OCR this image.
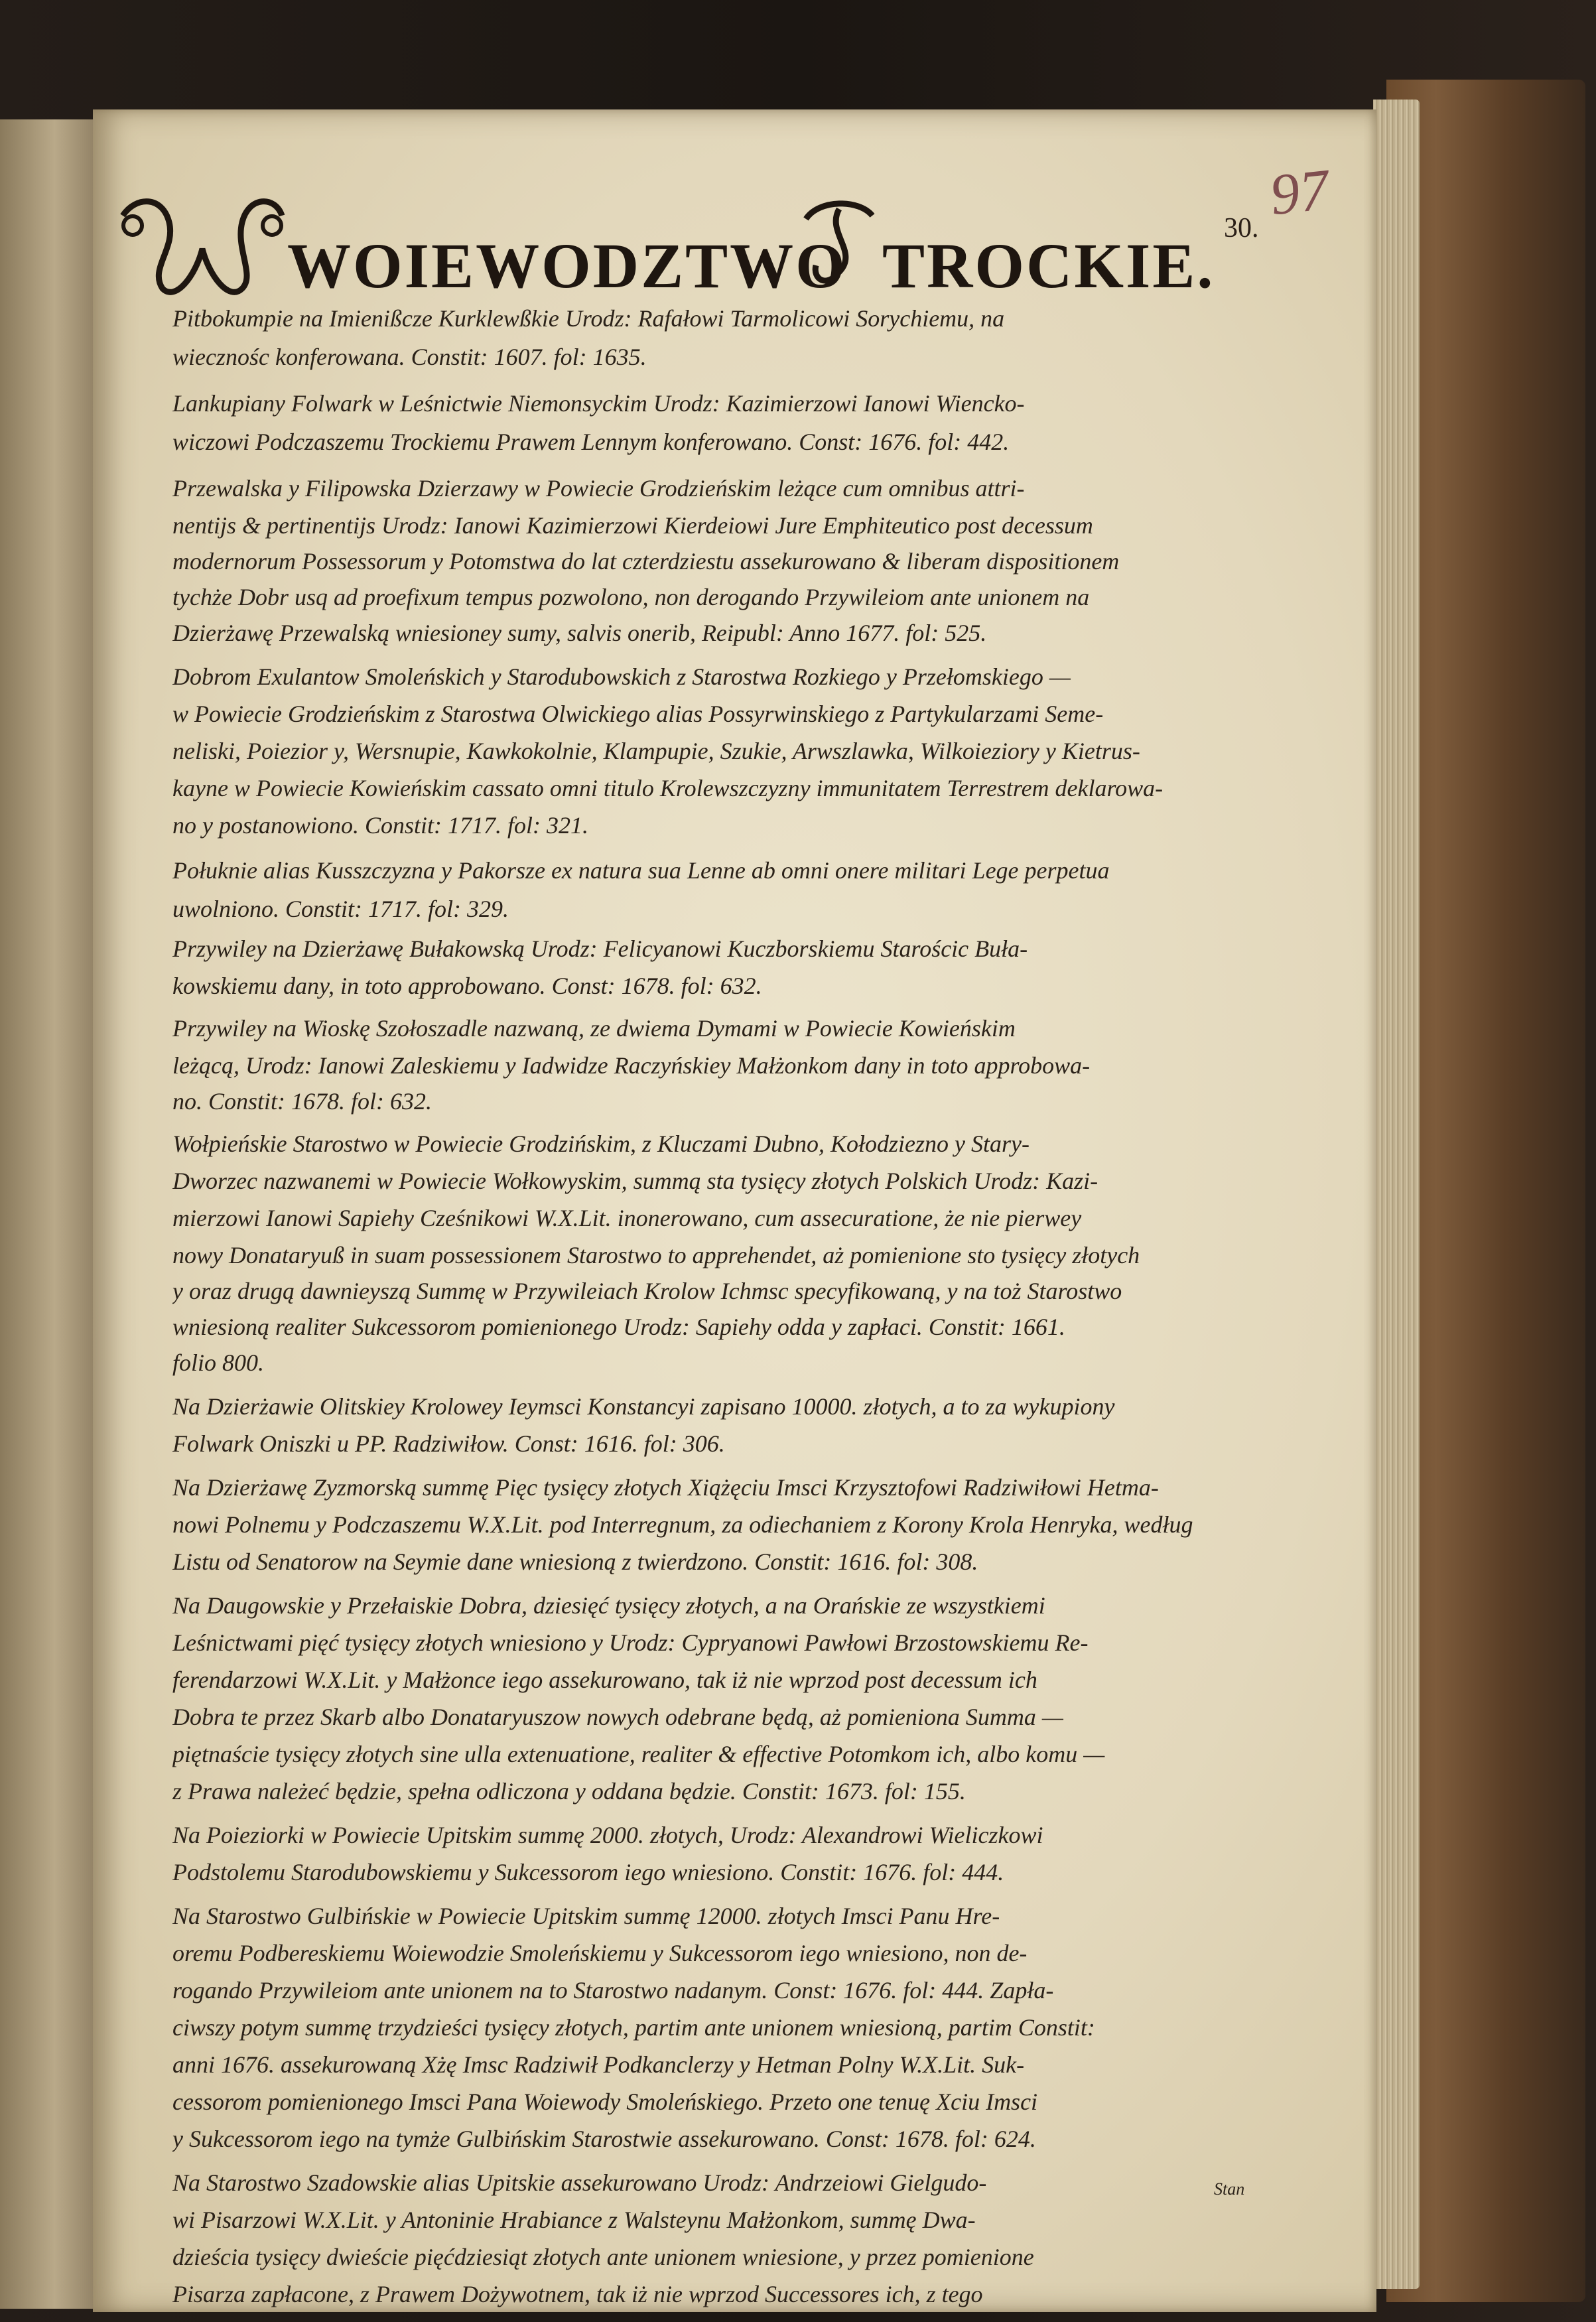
97
30.
WOIEWODZTWO TROCKIE.
Pitbokumpie na Imienißcze Kurklewßkie Urodz: Rafałowi Tarmolicowi Sorychiemu, na
wiecznośc konferowana. Constit: 1607. fol: 1635.
Lankupiany Folwark w Leśnictwie Niemonsyckim Urodz: Kazimierzowi Ianowi Wiencko-
wiczowi Podczaszemu Trockiemu Prawem Lennym konferowano. Const: 1676. fol: 442.
Przewalska y Filipowska Dzierzawy w Powiecie Grodzieńskim leżące cum omnibus attri-
nentijs & pertinentijs Urodz: Ianowi Kazimierzowi Kierdeiowi Jure Emphiteutico post decessum
modernorum Possessorum y Potomstwa do lat czterdziestu assekurowano & liberam dispositionem
tychże Dobr usq ad proefixum tempus pozwolono, non derogando Przywileiom ante unionem na
Dzierżawę Przewalską wniesioney sumy, salvis onerib, Reipubl: Anno 1677. fol: 525.
Dobrom Exulantow Smoleńskich y Starodubowskich z Starostwa Rozkiego y Przełomskiego —
w Powiecie Grodzieńskim z Starostwa Olwickiego alias Possyrwinskiego z Partykularzami Seme-
neliski, Poiezior y, Wersnupie, Kawkokolnie, Klampupie, Szukie, Arwszlawka, Wilkoieziory y Kietrus-
kayne w Powiecie Kowieńskim cassato omni titulo Krolewszczyzny immunitatem Terrestrem deklarowa-
no y postanowiono. Constit: 1717. fol: 321.
Połuknie alias Kusszczyzna y Pakorsze ex natura sua Lenne ab omni onere militari Lege perpetua
uwolniono. Constit: 1717. fol: 329.
Przywiley na Dzierżawę Bułakowską Urodz: Felicyanowi Kuczborskiemu Starościc Buła-
kowskiemu dany, in toto approbowano. Const: 1678. fol: 632.
Przywiley na Wioskę Szołoszadle nazwaną, ze dwiema Dymami w Powiecie Kowieńskim
leżącą, Urodz: Ianowi Zaleskiemu y Iadwidze Raczyńskiey Małżonkom dany in toto approbowa-
no. Constit: 1678. fol: 632.
Wołpieńskie Starostwo w Powiecie Grodzińskim, z Kluczami Dubno, Kołodziezno y Stary-
Dworzec nazwanemi w Powiecie Wołkowyskim, summą sta tysięcy złotych Polskich Urodz: Kazi-
mierzowi Ianowi Sapiehy Cześnikowi W.X.Lit. inonerowano, cum assecuratione, że nie pierwey
nowy Donataryuß in suam possessionem Starostwo to apprehendet, aż pomienione sto tysięcy złotych
y oraz drugą dawnieyszą Summę w Przywileiach Krolow Ichmsc specyfikowaną, y na toż Starostwo
wniesioną realiter Sukcessorom pomienionego Urodz: Sapiehy odda y zapłaci. Constit: 1661.
folio 800.
Na Dzierżawie Olitskiey Krolowey Ieymsci Konstancyi zapisano 10000. złotych, a to za wykupiony
Folwark Oniszki u PP. Radziwiłow. Const: 1616. fol: 306.
Na Dzierżawę Zyzmorską summę Pięc tysięcy złotych Xiążęciu Imsci Krzysztofowi Radziwiłowi Hetma-
nowi Polnemu y Podczaszemu W.X.Lit. pod Interregnum, za odiechaniem z Korony Krola Henryka, według
Listu od Senatorow na Seymie dane wniesioną z twierdzono. Constit: 1616. fol: 308.
Na Daugowskie y Przełaiskie Dobra, dziesięć tysięcy złotych, a na Orańskie ze wszystkiemi
Leśnictwami pięć tysięcy złotych wniesiono y Urodz: Cypryanowi Pawłowi Brzostowskiemu Re-
ferendarzowi W.X.Lit. y Małżonce iego assekurowano, tak iż nie wprzod post decessum ich
Dobra te przez Skarb albo Donataryuszow nowych odebrane będą, aż pomieniona Summa —
piętnaście tysięcy złotych sine ulla extenuatione, realiter & effective Potomkom ich, albo komu —
z Prawa należeć będzie, spełna odliczona y oddana będzie. Constit: 1673. fol: 155.
Na Poieziorki w Powiecie Upitskim summę 2000. złotych, Urodz: Alexandrowi Wieliczkowi
Podstolemu Starodubowskiemu y Sukcessorom iego wniesiono. Constit: 1676. fol: 444.
Na Starostwo Gulbińskie w Powiecie Upitskim summę 12000. złotych Imsci Panu Hre-
oremu Podbereskiemu Woiewodzie Smoleńskiemu y Sukcessorom iego wniesiono, non de-
rogando Przywileiom ante unionem na to Starostwo nadanym. Const: 1676. fol: 444. Zapła-
ciwszy potym summę trzydzieści tysięcy złotych, partim ante unionem wniesioną, partim Constit:
anni 1676. assekurowaną Xżę Imsc Radziwił Podkanclerzy y Hetman Polny W.X.Lit. Suk-
cessorom pomienionego Imsci Pana Woiewody Smoleńskiego. Przeto one tenuę Xciu Imsci
y Sukcessorom iego na tymże Gulbińskim Starostwie assekurowano. Const: 1678. fol: 624.
Na Starostwo Szadowskie alias Upitskie assekurowano Urodz: Andrzeiowi Gielgudo-
wi Pisarzowi W.X.Lit. y Antoninie Hrabiance z Walsteynu Małżonkom, summę Dwa-
dzieścia tysięcy dwieście pięćdziesiąt złotych ante unionem wniesione, y przez pomienione
Pisarza zapłacone, z Prawem Dożywotnem, tak iż nie wprzod Successores ich, z tego
Stan
